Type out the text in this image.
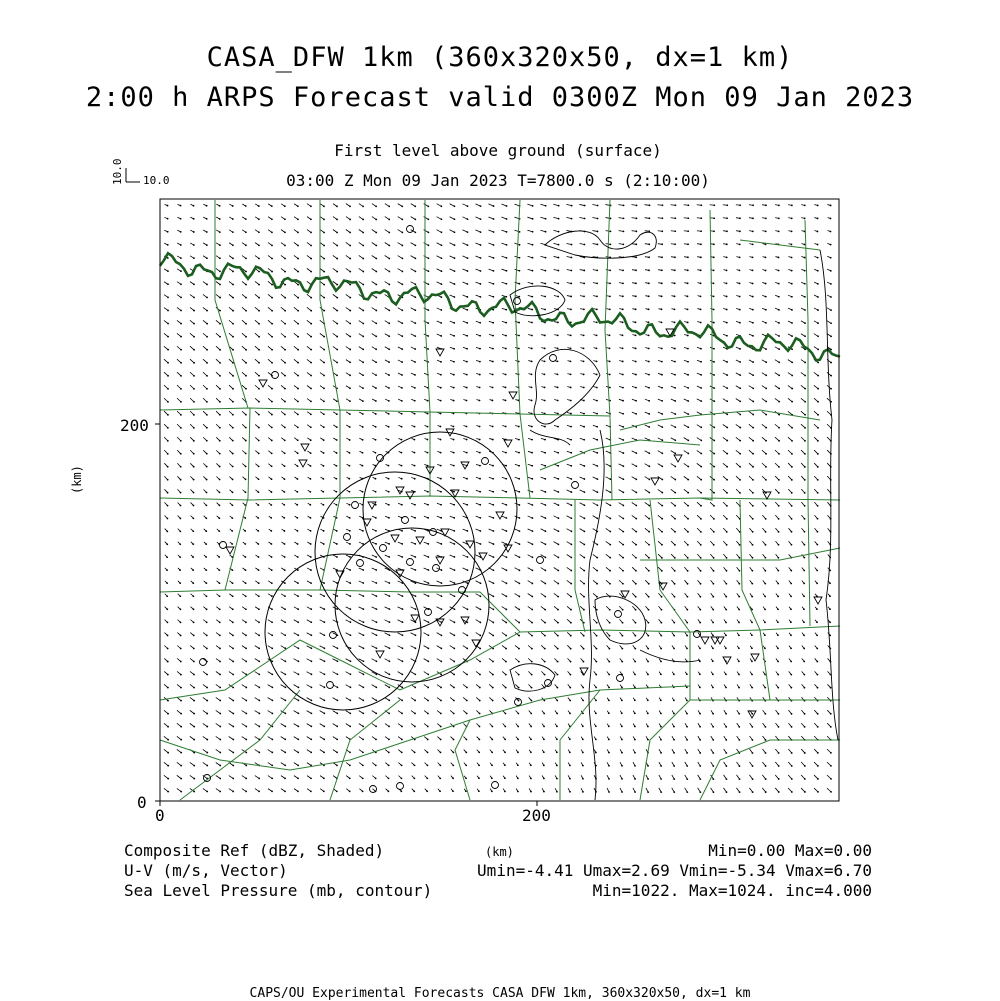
CASA_DFW 1km (360x320x50, dx=1 km)
2:00 h ARPS Forecast valid 0300Z Mon 09 Jan 2023
First level above ground (surface)
03:00 Z Mon 09 Jan 2023 T=7800.0 s (2:10:00)
10.0 10.0
0
200
0	200
(km)
(km)
Composite Ref (dBZ, Shaded)	Min=0.00 Max=0.00
U-V (m/s, Vector)	Umin=-4.41 Umax=2.69 Vmin=-5.34 Vmax=6.70
Sea Level Pressure (mb, contour)	Min=1022. Max=1024. inc=4.000
CAPS/OU Experimental Forecasts CASA DFW 1km, 360x320x50, dx=1 km
